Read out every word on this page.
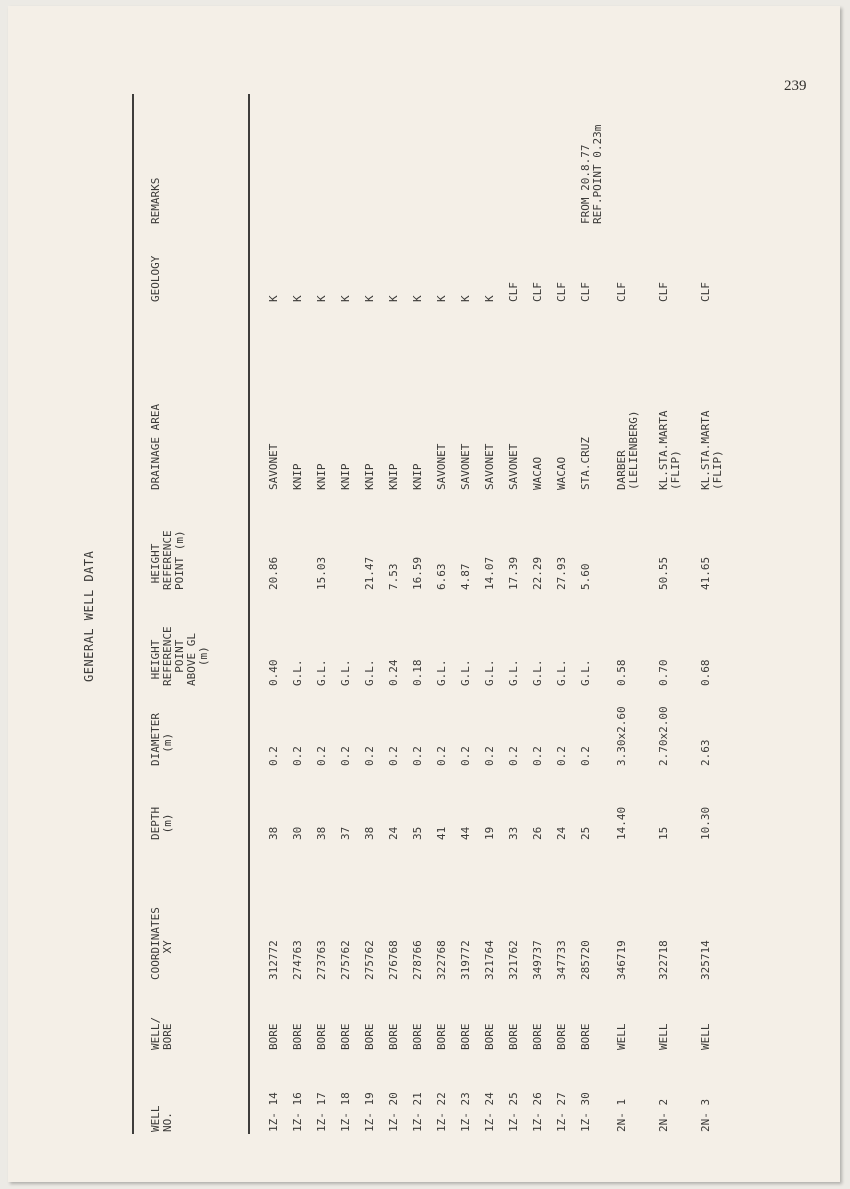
239
GENERAL WELL DATA
WELL
NO.
WELL/
BORE
COORDINATES
XY
DEPTH
(m)
DIAMETER
(m)
HEIGHT
REFERENCE
POINT
ABOVE GL
(m)
HEIGHT
REFERENCE
POINT (m)
DRAINAGE AREA
GEOLOGY
REMARKS
1Z- 14
BORE
312772
38
0.2
0.40
20.86
SAVONET
K
1Z- 16
BORE
274763
30
0.2
G.L.
KNIP
K
1Z- 17
BORE
273763
38
0.2
G.L.
15.03
KNIP
K
1Z- 18
BORE
275762
37
0.2
G.L.
KNIP
K
1Z- 19
BORE
275762
38
0.2
G.L.
21.47
KNIP
K
1Z- 20
BORE
276768
24
0.2
0.24
7.53
KNIP
K
1Z- 21
BORE
278766
35
0.2
0.18
16.59
KNIP
K
1Z- 22
BORE
322768
41
0.2
G.L.
6.63
SAVONET
K
1Z- 23
BORE
319772
44
0.2
G.L.
4.87
SAVONET
K
1Z- 24
BORE
321764
19
0.2
G.L.
14.07
SAVONET
K
1Z- 25
BORE
321762
33
0.2
G.L.
17.39
SAVONET
CLF
1Z- 26
BORE
349737
26
0.2
G.L.
22.29
WACAO
CLF
1Z- 27
BORE
347733
24
0.2
G.L.
27.93
WACAO
CLF
1Z- 30
BORE
285720
25
0.2
G.L.
5.60
STA.CRUZ
CLF
FROM 20.8.77
REF.POINT 0.23m
2N- 1
WELL
346719
14.40
3.30x2.60
0.58
DARBER
(LELIENBERG)
CLF
2N- 2
WELL
322718
15
2.70x2.00
0.70
50.55
KL.STA.MARTA
(FLIP)
CLF
2N- 3
WELL
325714
10.30
2.63
0.68
41.65
KL.STA.MARTA
(FLIP)
CLF
